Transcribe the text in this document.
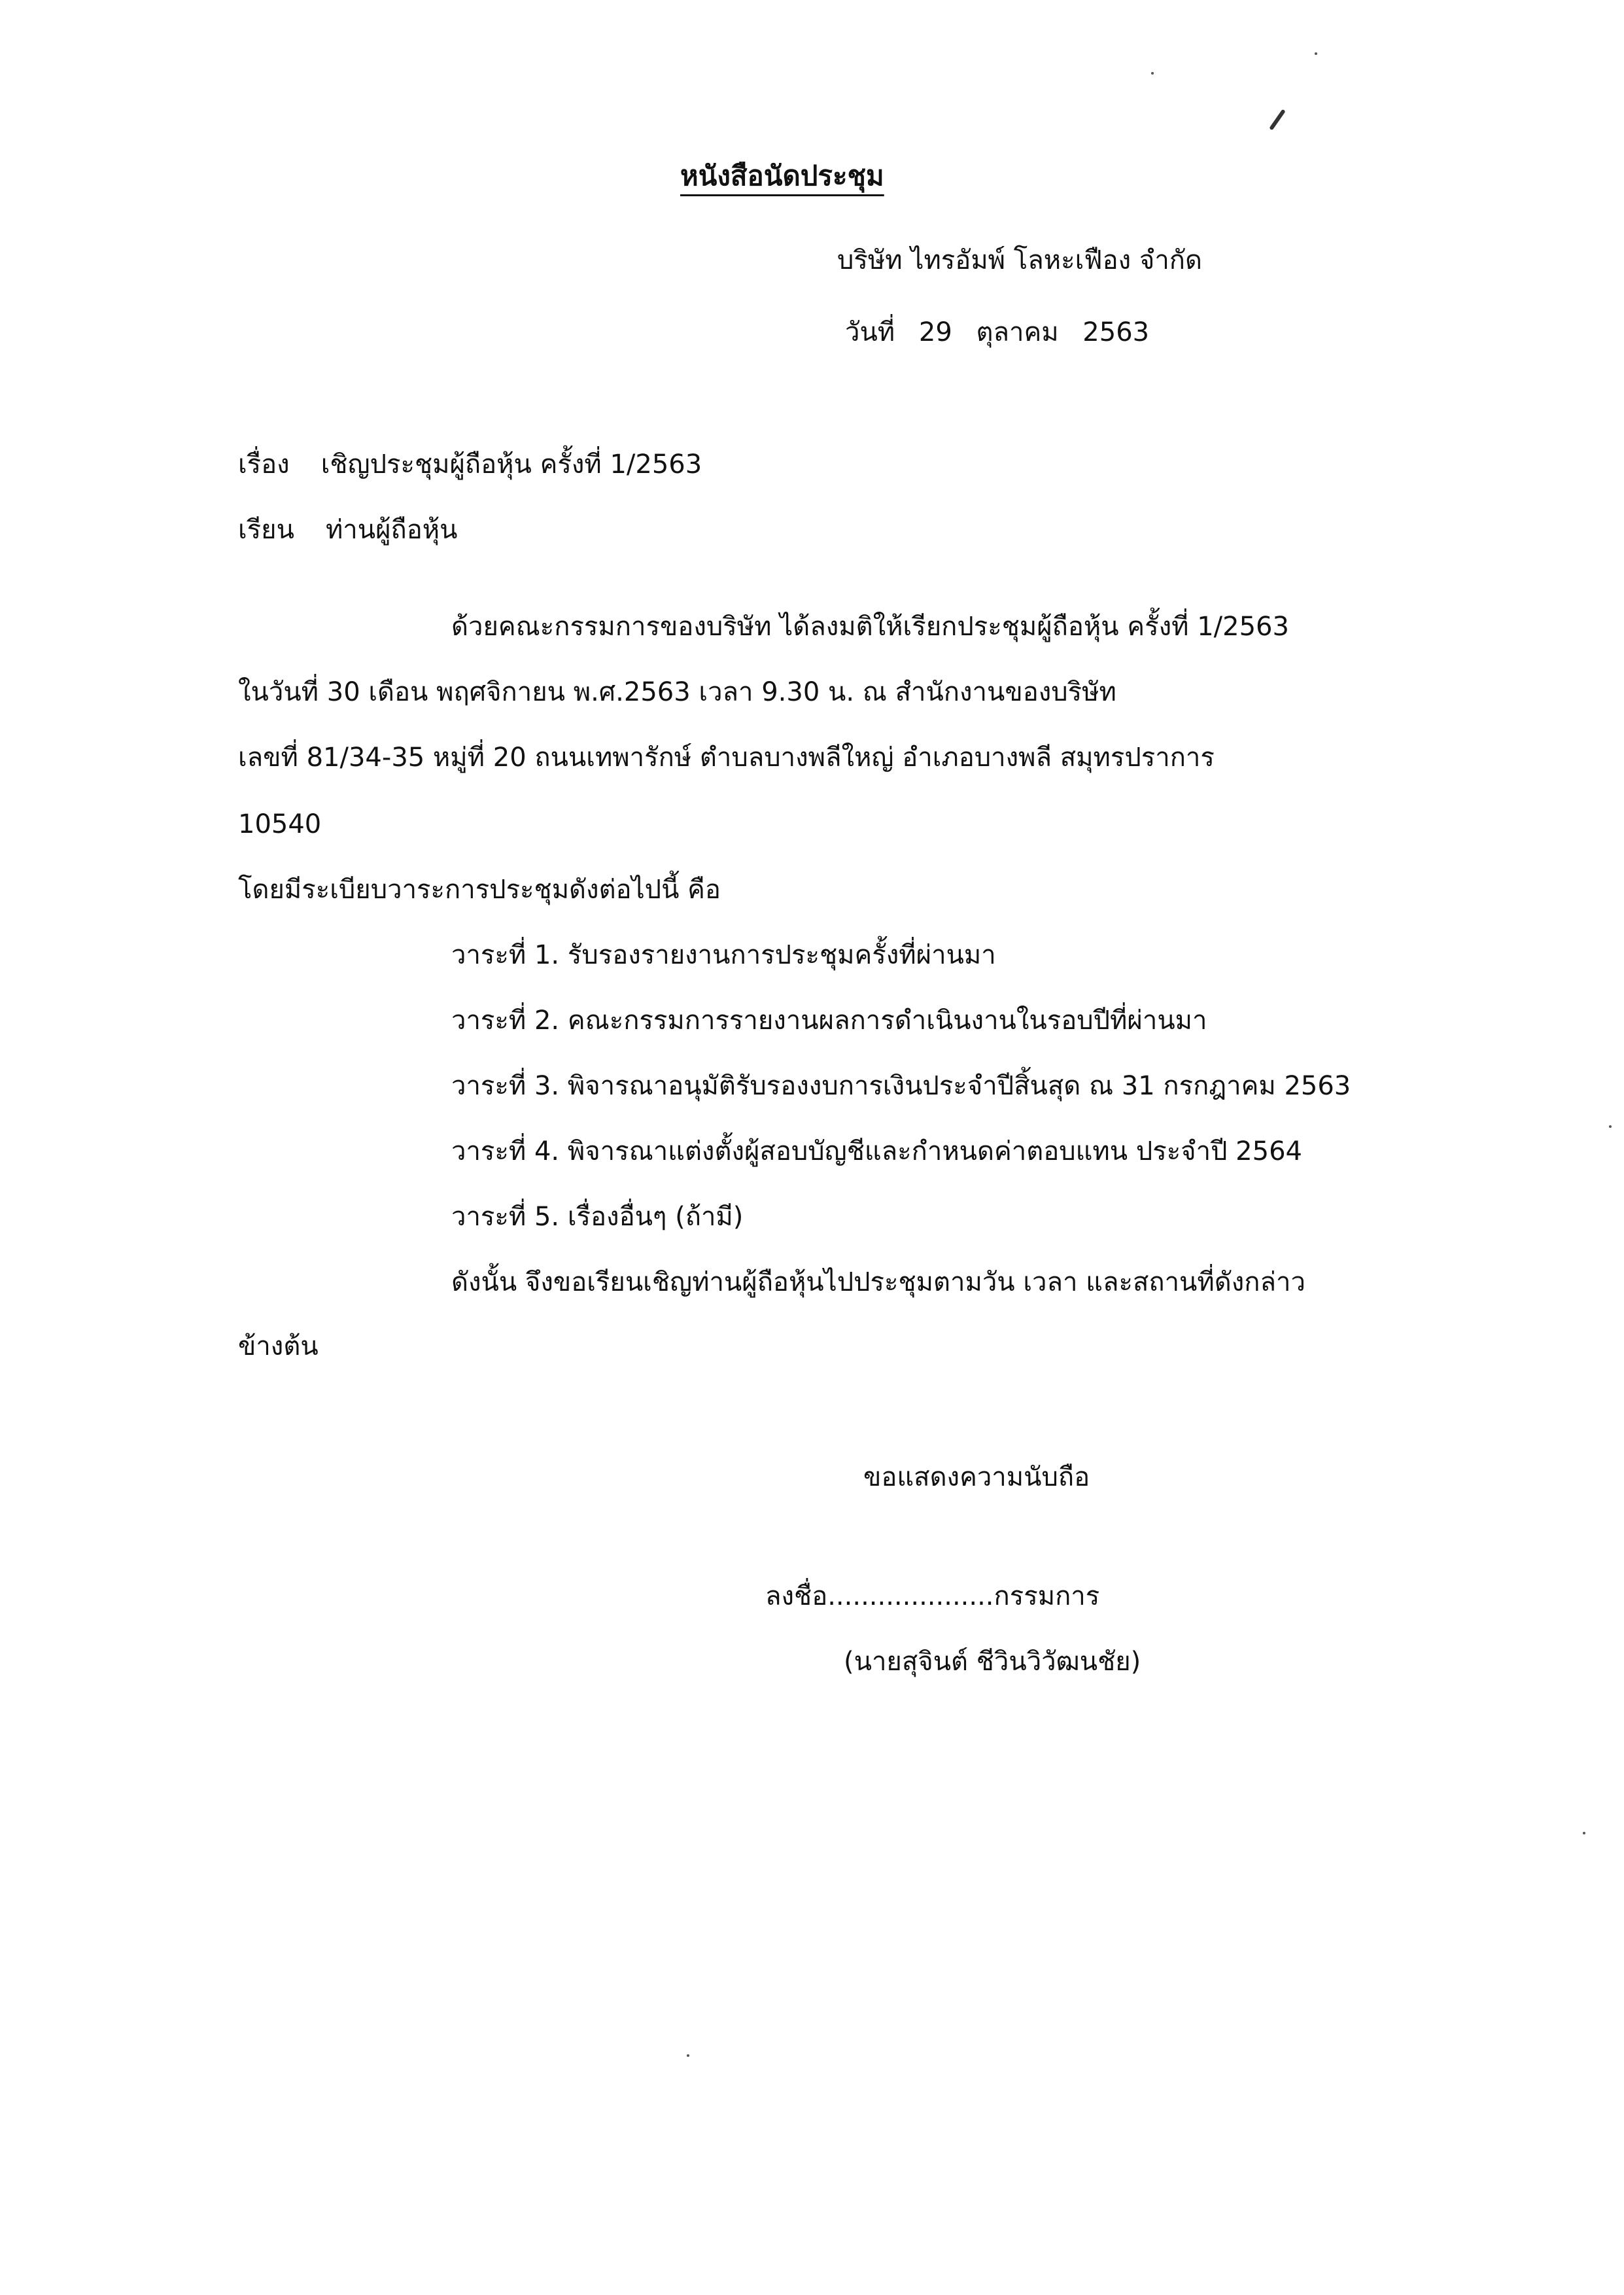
หนังสือนัดประชุม
บริษัท ไทรอัมพ์ โลหะเฟือง จำกัด
วันที่ 29 ตุลาคม 2563
เรื่อง เชิญประชุมผู้ถือหุ้น ครั้งที่ 1/2563
เรียน ท่านผู้ถือหุ้น
ด้วยคณะกรรมการของบริษัท ได้ลงมติให้เรียกประชุมผู้ถือหุ้น ครั้งที่ 1/2563
ในวันที่ 30 เดือน พฤศจิกายน พ.ศ.2563 เวลา 9.30 น. ณ สำนักงานของบริษัท
เลขที่ 81/34-35 หมู่ที่ 20 ถนนเทพารักษ์ ตำบลบางพลีใหญ่ อำเภอบางพลี สมุทรปราการ
10540
โดยมีระเบียบวาระการประชุมดังต่อไปนี้ คือ
วาระที่ 1. รับรองรายงานการประชุมครั้งที่ผ่านมา
วาระที่ 2. คณะกรรมการรายงานผลการดำเนินงานในรอบปีที่ผ่านมา
วาระที่ 3. พิจารณาอนุมัติรับรองงบการเงินประจำปีสิ้นสุด ณ 31 กรกฎาคม 2563
วาระที่ 4. พิจารณาแต่งตั้งผู้สอบบัญชีและกำหนดค่าตอบแทน ประจำปี 2564
วาระที่ 5. เรื่องอื่นๆ (ถ้ามี)
ดังนั้น จึงขอเรียนเชิญท่านผู้ถือหุ้นไปประชุมตามวัน เวลา และสถานที่ดังกล่าว
ข้างต้น
ขอแสดงความนับถือ
ลงชื่อ....................กรรมการ
(นายสุจินต์ ชีวินวิวัฒนชัย)
